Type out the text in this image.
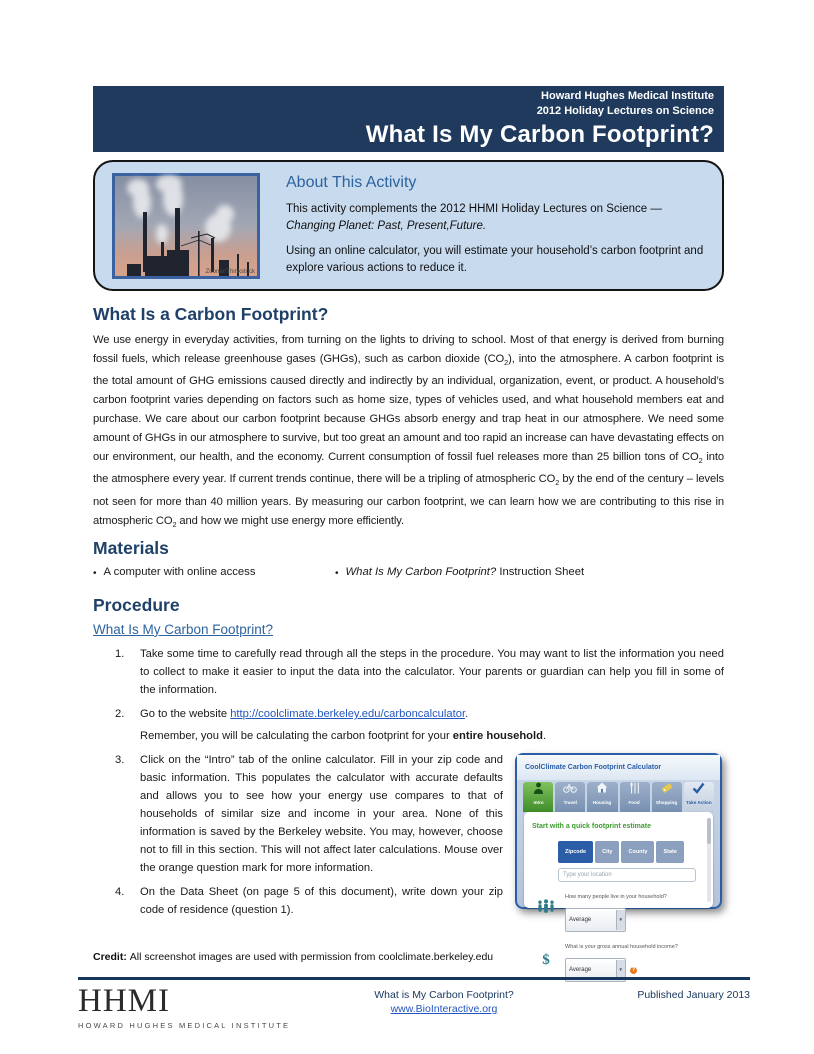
Howard Hughes Medical Institute
2012 Holiday Lectures on Science
What Is My Carbon Footprint?
Zoonar/Thinkstock
About This Activity

This activity complements the 2012 HHMI Holiday Lectures on Science —
Changing Planet: Past, Present,Future.

Using an online calculator, you will estimate your household’s carbon footprint and explore various actions to reduce it.

What Is a Carbon Footprint?

We use energy in everyday activities, from turning on the lights to driving to school. Most of that energy is derived from burning fossil fuels, which release greenhouse gases (GHGs), such as carbon dioxide $(CO_2)$, into the atmosphere. A carbon footprint is the total amount of GHG emissions caused directly and indirectly by an individual, organization, event, or product. A household’s carbon footprint varies depending on factors such as home size, types of vehicles used, and what household members eat and purchase. We care about our carbon footprint because GHGs absorb energy and trap heat in our atmosphere. We need some amount of GHGs in our atmosphere to survive, but too great an amount and too rapid an increase can have devastating effects on our environment, our health, and the economy. Current consumption of fossil fuel releases more than 25 billion tons of $CO_2$ into the atmosphere every year. If current trends continue, there will be a tripling of atmospheric $CO_2$ by the end of the century – levels not seen for more than 40 million years. By measuring our carbon footprint, we can learn how we are contributing to this rise in atmospheric $CO_2$ and how we might use energy more efficiently.

Materials
• A computer with online access	• What Is My Carbon Footprint? Instruction Sheet
Procedure
What Is My Carbon Footprint?
1. Take some time to carefully read through all the steps in the procedure. You may want to list the information you need to collect to make it easier to input the data into the calculator. Your parents or guardian can help you fill in some of the information.
2. Go to the website http://coolclimate.berkeley.edu/carboncalculator.
Remember, you will be calculating the carbon footprint for your entire household.
CoolClimate Carbon Footprint Calculator
Intro	Travel	Housing	Food	Shopping Take Action
Start with a quick footprint estimate
Zipcode	City	County	State
Type your location
How many people live in your household?
Average	▼
$
What is your gross annual household income?
Average	▼	?
3. Click on the “Intro” tab of the online calculator. Fill in your zip code and basic information. This populates the calculator with accurate defaults and allows you to see how your energy use compares to that of households of similar size and income in your area. None of this information is saved by the Berkeley website. You may, however, choose not to fill in this section. This will not affect later calculations. Mouse over the orange question mark for more information.
4. On the Data Sheet (on page 5 of this document), write down your zip code of residence (question 1).
Credit: All screenshot images are used with permission from coolclimate.berkeley.edu
HHMI
HOWARD HUGHES MEDICAL INSTITUTE
What is My Carbon Footprint?
www.BioInteractive.org
Published January 2013
